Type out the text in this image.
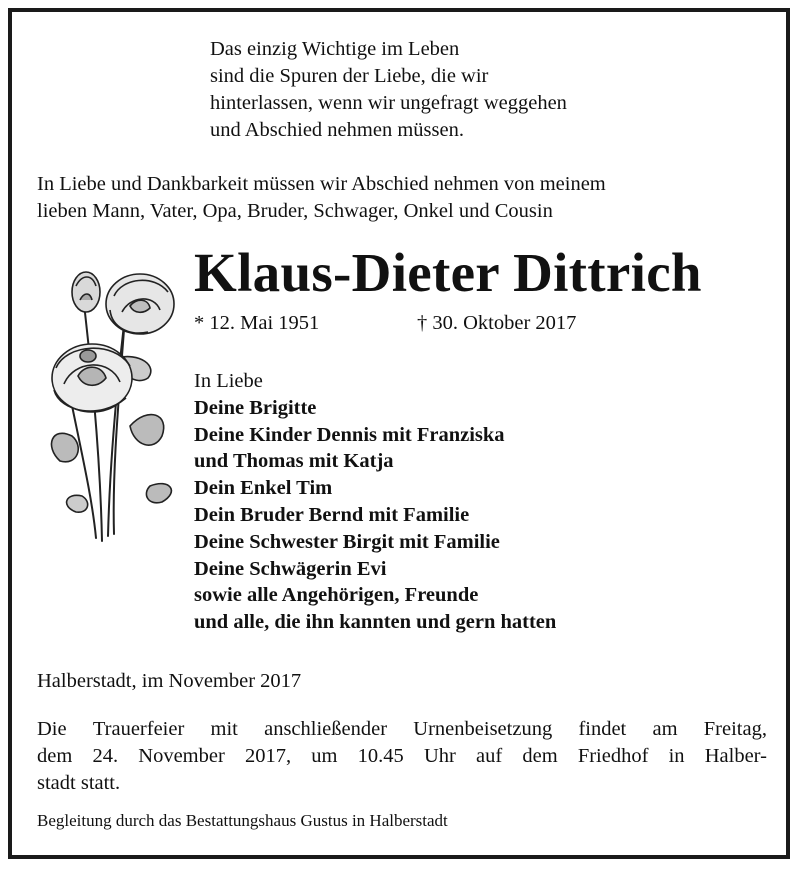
Das einzig Wichtige im Leben
sind die Spuren der Liebe, die wir
hinterlassen, wenn wir ungefragt weggehen
und Abschied nehmen müssen.
In Liebe und Dankbarkeit müssen wir Abschied nehmen von meinem
lieben Mann, Vater, Opa, Bruder, Schwager, Onkel und Cousin
Klaus-Dieter Dittrich
* 12. Mai 1951	† 30. Oktober 2017
In Liebe
Deine Brigitte
Deine Kinder Dennis mit Franziska
und Thomas mit Katja
Dein Enkel Tim
Dein Bruder Bernd mit Familie
Deine Schwester Birgit mit Familie
Deine Schwägerin Evi
sowie alle Angehörigen, Freunde
und alle, die ihn kannten und gern hatten
Halberstadt, im November 2017
Die Trauerfeier mit anschließender Urnenbeisetzung findet am Freitag,
dem 24. November 2017, um 10.45 Uhr auf dem Friedhof in Halber-
stadt statt.
Begleitung durch das Bestattungshaus Gustus in Halberstadt
